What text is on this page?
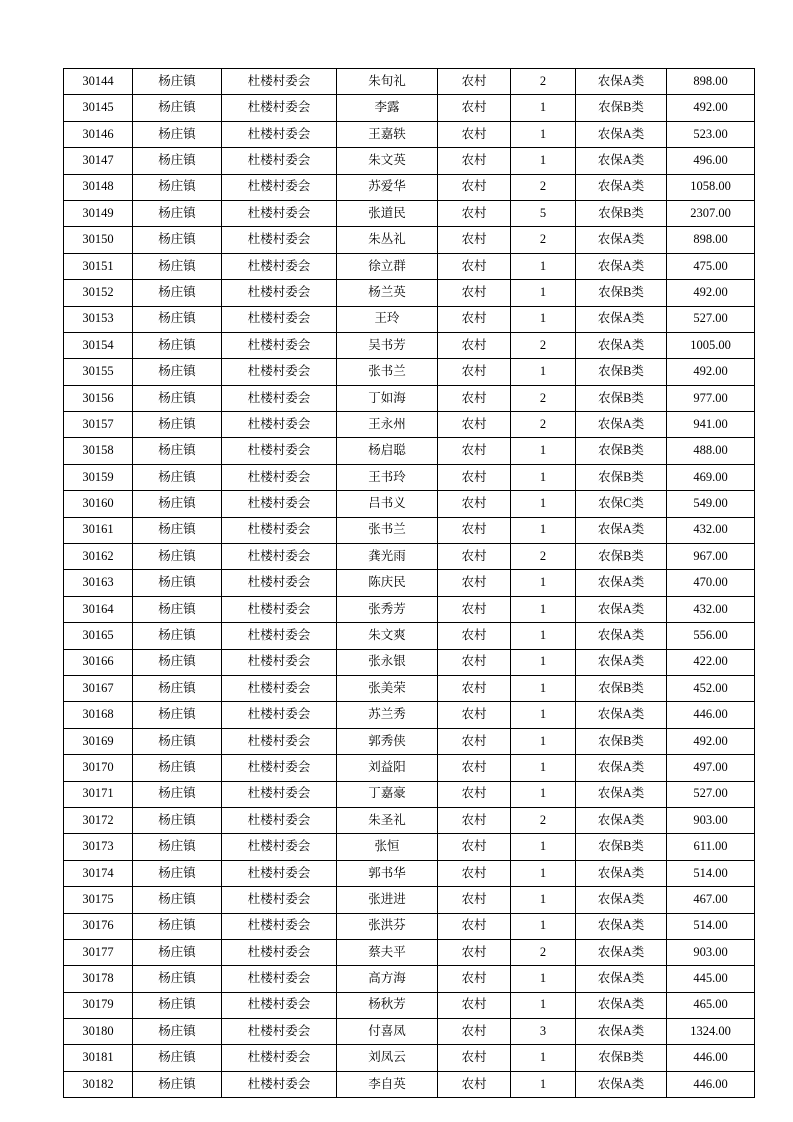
30144	杨庄镇	杜楼村委会	朱旬礼	农村	2	农保A类	898.00
30145	杨庄镇	杜楼村委会	李露	农村	1	农保B类	492.00
30146	杨庄镇	杜楼村委会	王嘉轶	农村	1	农保A类	523.00
30147	杨庄镇	杜楼村委会	朱文英	农村	1	农保A类	496.00
30148	杨庄镇	杜楼村委会	苏爱华	农村	2	农保A类	1058.00
30149	杨庄镇	杜楼村委会	张道民	农村	5	农保B类	2307.00
30150	杨庄镇	杜楼村委会	朱丛礼	农村	2	农保A类	898.00
30151	杨庄镇	杜楼村委会	徐立群	农村	1	农保A类	475.00
30152	杨庄镇	杜楼村委会	杨兰英	农村	1	农保B类	492.00
30153	杨庄镇	杜楼村委会	王玲	农村	1	农保A类	527.00
30154	杨庄镇	杜楼村委会	吴书芳	农村	2	农保A类	1005.00
30155	杨庄镇	杜楼村委会	张书兰	农村	1	农保B类	492.00
30156	杨庄镇	杜楼村委会	丁如海	农村	2	农保B类	977.00
30157	杨庄镇	杜楼村委会	王永州	农村	2	农保A类	941.00
30158	杨庄镇	杜楼村委会	杨启聪	农村	1	农保B类	488.00
30159	杨庄镇	杜楼村委会	王书玲	农村	1	农保B类	469.00
30160	杨庄镇	杜楼村委会	吕书义	农村	1	农保C类	549.00
30161	杨庄镇	杜楼村委会	张书兰	农村	1	农保A类	432.00
30162	杨庄镇	杜楼村委会	龚光雨	农村	2	农保B类	967.00
30163	杨庄镇	杜楼村委会	陈庆民	农村	1	农保A类	470.00
30164	杨庄镇	杜楼村委会	张秀芳	农村	1	农保A类	432.00
30165	杨庄镇	杜楼村委会	朱文爽	农村	1	农保A类	556.00
30166	杨庄镇	杜楼村委会	张永银	农村	1	农保A类	422.00
30167	杨庄镇	杜楼村委会	张美荣	农村	1	农保B类	452.00
30168	杨庄镇	杜楼村委会	苏兰秀	农村	1	农保A类	446.00
30169	杨庄镇	杜楼村委会	郭秀侠	农村	1	农保B类	492.00
30170	杨庄镇	杜楼村委会	刘益阳	农村	1	农保A类	497.00
30171	杨庄镇	杜楼村委会	丁嘉豪	农村	1	农保A类	527.00
30172	杨庄镇	杜楼村委会	朱圣礼	农村	2	农保A类	903.00
30173	杨庄镇	杜楼村委会	张恒	农村	1	农保B类	611.00
30174	杨庄镇	杜楼村委会	郭书华	农村	1	农保A类	514.00
30175	杨庄镇	杜楼村委会	张进进	农村	1	农保A类	467.00
30176	杨庄镇	杜楼村委会	张洪芬	农村	1	农保A类	514.00
30177	杨庄镇	杜楼村委会	蔡夫平	农村	2	农保A类	903.00
30178	杨庄镇	杜楼村委会	高方海	农村	1	农保A类	445.00
30179	杨庄镇	杜楼村委会	杨秋芳	农村	1	农保A类	465.00
30180	杨庄镇	杜楼村委会	付喜凤	农村	3	农保A类	1324.00
30181	杨庄镇	杜楼村委会	刘凤云	农村	1	农保B类	446.00
30182	杨庄镇	杜楼村委会	李自英	农村	1	农保A类	446.00
